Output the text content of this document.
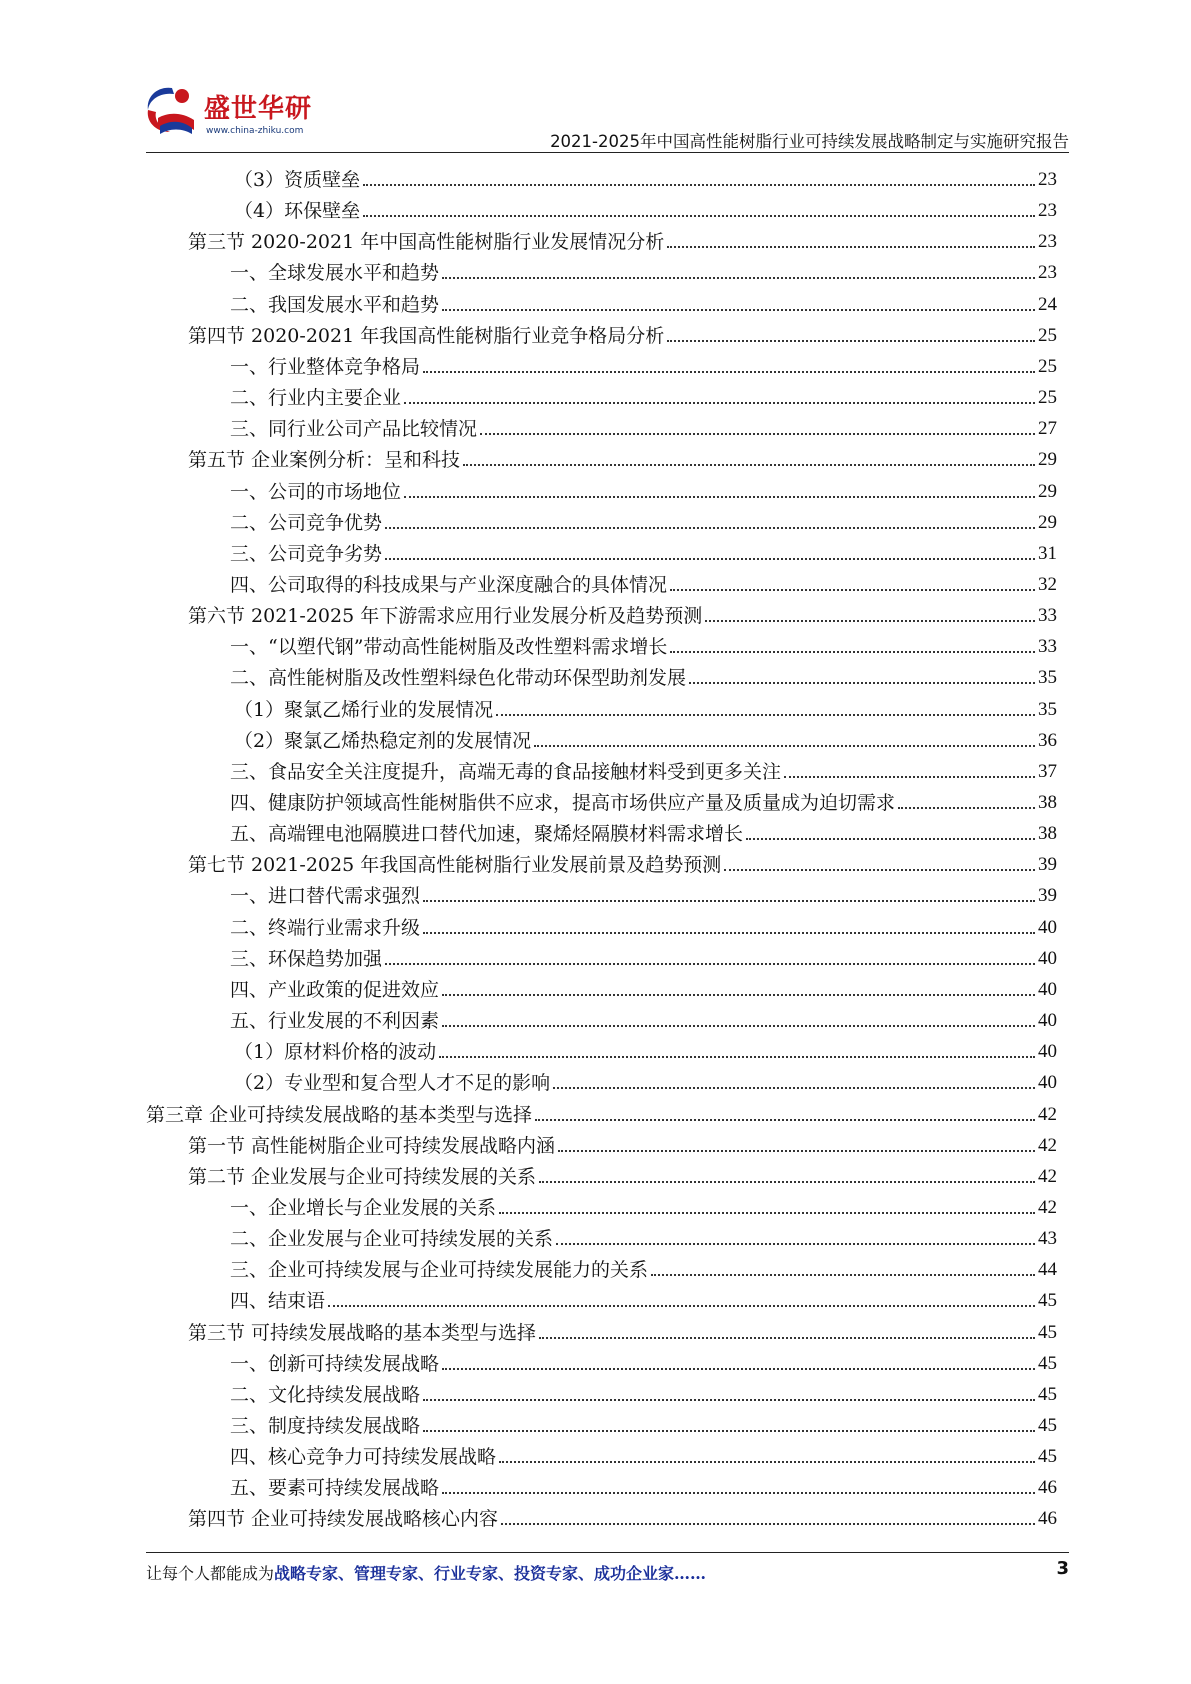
盛世华研
www.china-zhiku.com
2021-2025年中国高性能树脂行业可持续发展战略制定与实施研究报告
（3）资质壁垒	23
（4）环保壁垒	23
第三节 2020-2021 年中国高性能树脂行业发展情况分析	23
一、全球发展水平和趋势	23
二、我国发展水平和趋势	24
第四节 2020-2021 年我国高性能树脂行业竞争格局分析	25
一、行业整体竞争格局	25
二、行业内主要企业	25
三、同行业公司产品比较情况	27
第五节 企业案例分析：呈和科技	29
一、公司的市场地位	29
二、公司竞争优势	29
三、公司竞争劣势	31
四、公司取得的科技成果与产业深度融合的具体情况	32
第六节 2021-2025 年下游需求应用行业发展分析及趋势预测	33
一、“以塑代钢”带动高性能树脂及改性塑料需求增长	33
二、高性能树脂及改性塑料绿色化带动环保型助剂发展	35
（1）聚氯乙烯行业的发展情况	35
（2）聚氯乙烯热稳定剂的发展情况	36
三、食品安全关注度提升，高端无毒的食品接触材料受到更多关注	37
四、健康防护领域高性能树脂供不应求，提高市场供应产量及质量成为迫切需求	38
五、高端锂电池隔膜进口替代加速，聚烯烃隔膜材料需求增长	38
第七节 2021-2025 年我国高性能树脂行业发展前景及趋势预测	39
一、进口替代需求强烈	39
二、终端行业需求升级	40
三、环保趋势加强	40
四、产业政策的促进效应	40
五、行业发展的不利因素	40
（1）原材料价格的波动	40
（2）专业型和复合型人才不足的影响	40
第三章 企业可持续发展战略的基本类型与选择	42
第一节 高性能树脂企业可持续发展战略内涵	42
第二节 企业发展与企业可持续发展的关系	42
一、企业增长与企业发展的关系	42
二、企业发展与企业可持续发展的关系	43
三、企业可持续发展与企业可持续发展能力的关系	44
四、结束语	45
第三节 可持续发展战略的基本类型与选择	45
一、创新可持续发展战略	45
二、文化持续发展战略	45
三、制度持续发展战略	45
四、核心竞争力可持续发展战略	45
五、要素可持续发展战略	46
第四节 企业可持续发展战略核心内容	46
让每个人都能成为战略专家、管理专家、行业专家、投资专家、成功企业家……	3
